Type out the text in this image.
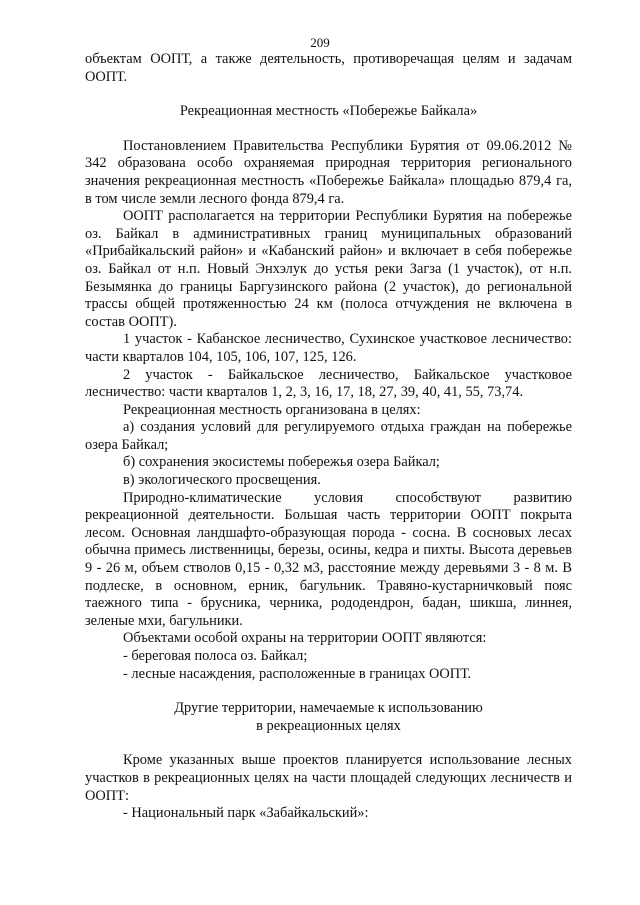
209

объектам ООПТ, а также деятельность, противоречащая целям и задачам ООПТ.

Рекреационная местность «Побережье Байкала»

Постановлением Правительства Республики Бурятия от 09.06.2012 № 342 образована особо охраняемая природная территория регионального значения рекреационная местность «Побережье Байкала» площадью 879,4 га, в том числе земли лесного фонда 879,4 га.

ООПТ располагается на территории Республики Бурятия на побережье оз. Байкал в административных границ муниципальных образований «Прибайкальский район» и «Кабанский район» и включает в себя побережье оз. Байкал от н.п. Новый Энхэлук до устья реки Загза (1 участок), от н.п. Безымянка до границы Баргузинского района (2 участок), до региональной трассы общей протяженностью 24 км (полоса отчуждения не включена в состав ООПТ).

1 участок - Кабанское лесничество, Сухинское участковое лесничество: части кварталов 104, 105, 106, 107, 125, 126.

2 участок - Байкальское лесничество, Байкальское участковое лесничество: части кварталов 1, 2, 3, 16, 17, 18, 27, 39, 40, 41, 55, 73,74.

Рекреационная местность организована в целях:

а) создания условий для регулируемого отдыха граждан на побережье озера Байкал;

б) сохранения экосистемы побережья озера Байкал;

в) экологического просвещения.

Природно-климатические условия способствуют развитию рекреационной деятельности. Большая часть территории ООПТ покрыта лесом. Основная ландшафто-образующая порода - сосна. В сосновых лесах обычна примесь лиственницы, березы, осины, кедра и пихты. Высота деревьев 9 - 26 м, объем стволов 0,15 - 0,32 м3, расстояние между деревьями 3 - 8 м. В подлеске, в основном, ерник, багульник. Травяно-кустарничковый пояс таежного типа - брусника, черника, рододендрон, бадан, шикша, линнея, зеленые мхи, багульники.

Объектами особой охраны на территории ООПТ являются:

- береговая полоса оз. Байкал;

- лесные насаждения, расположенные в границах ООПТ.

Другие территории, намечаемые к использованию

в рекреационных целях

Кроме указанных выше проектов планируется использование лесных участков в рекреационных целях на части площадей следующих лесничеств и ООПТ:

- Национальный парк «Забайкальский»:
